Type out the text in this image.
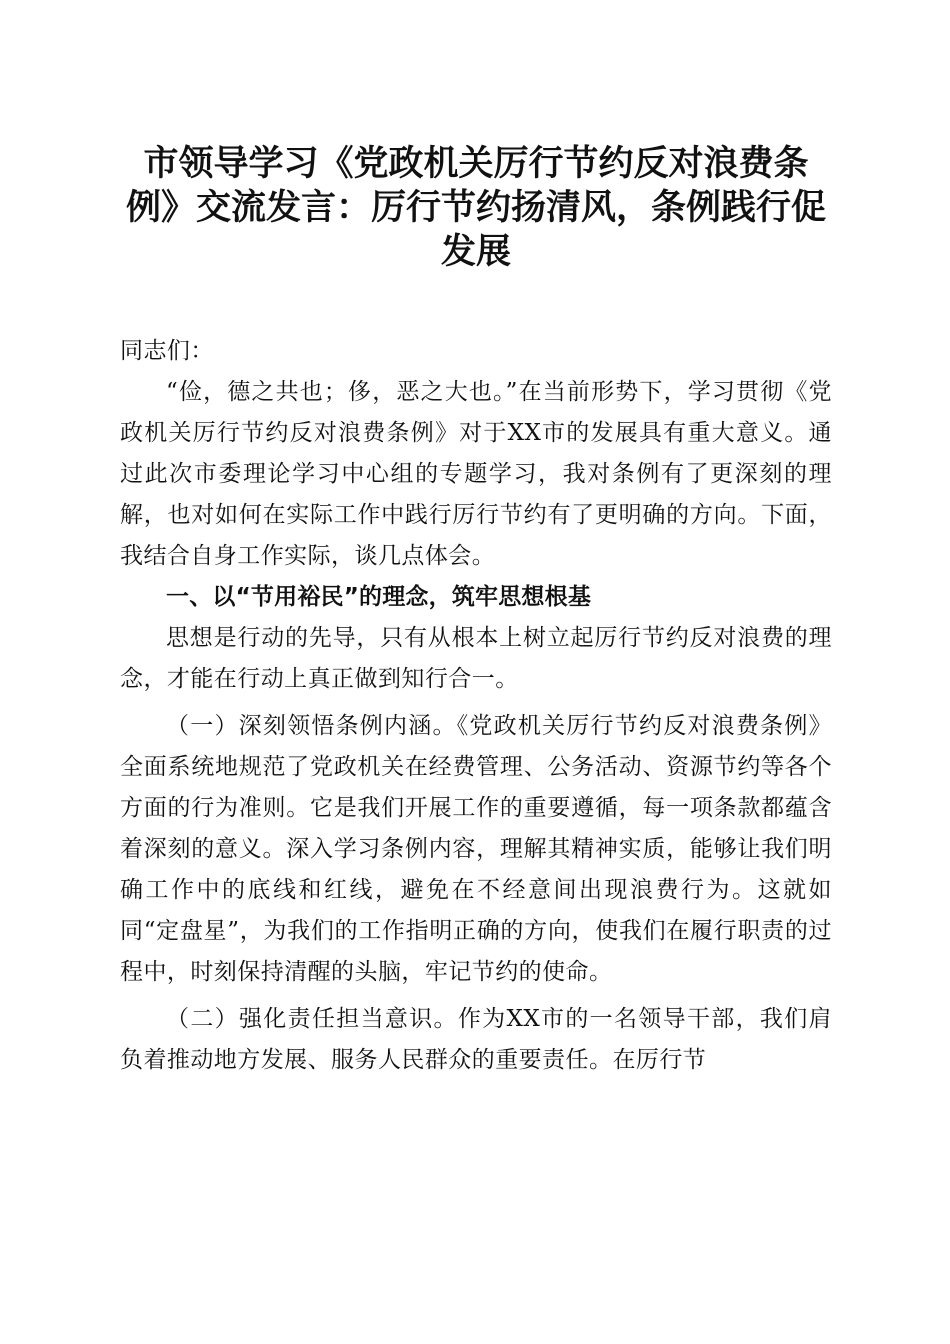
市领导学习《党政机关厉行节约反对浪费条例》交流发言：厉行节约扬清风，条例践行促发展

同志们：

“俭，德之共也；侈，恶之大也。”在当前形势下，学习贯彻《党政机关厉行节约反对浪费条例》对于XX市的发展具有重大意义。通过此次市委理论学习中心组的专题学习，我对条例有了更深刻的理解，也对如何在实际工作中践行厉行节约有了更明确的方向。下面，我结合自身工作实际，谈几点体会。

一、以“节用裕民”的理念，筑牢思想根基

思想是行动的先导，只有从根本上树立起厉行节约反对浪费的理念，才能在行动上真正做到知行合一。

（一）深刻领悟条例内涵。《党政机关厉行节约反对浪费条例》全面系统地规范了党政机关在经费管理、公务活动、资源节约等各个方面的行为准则。它是我们开展工作的重要遵循，每一项条款都蕴含着深刻的意义。深入学习条例内容，理解其精神实质，能够让我们明确工作中的底线和红线，避免在不经意间出现浪费行为。这就如同“定盘星”，为我们的工作指明正确的方向，使我们在履行职责的过程中，时刻保持清醒的头脑，牢记节约的使命。

（二）强化责任担当意识。作为XX市的一名领导干部，我们肩负着推动地方发展、服务人民群众的重要责任。在厉行节
